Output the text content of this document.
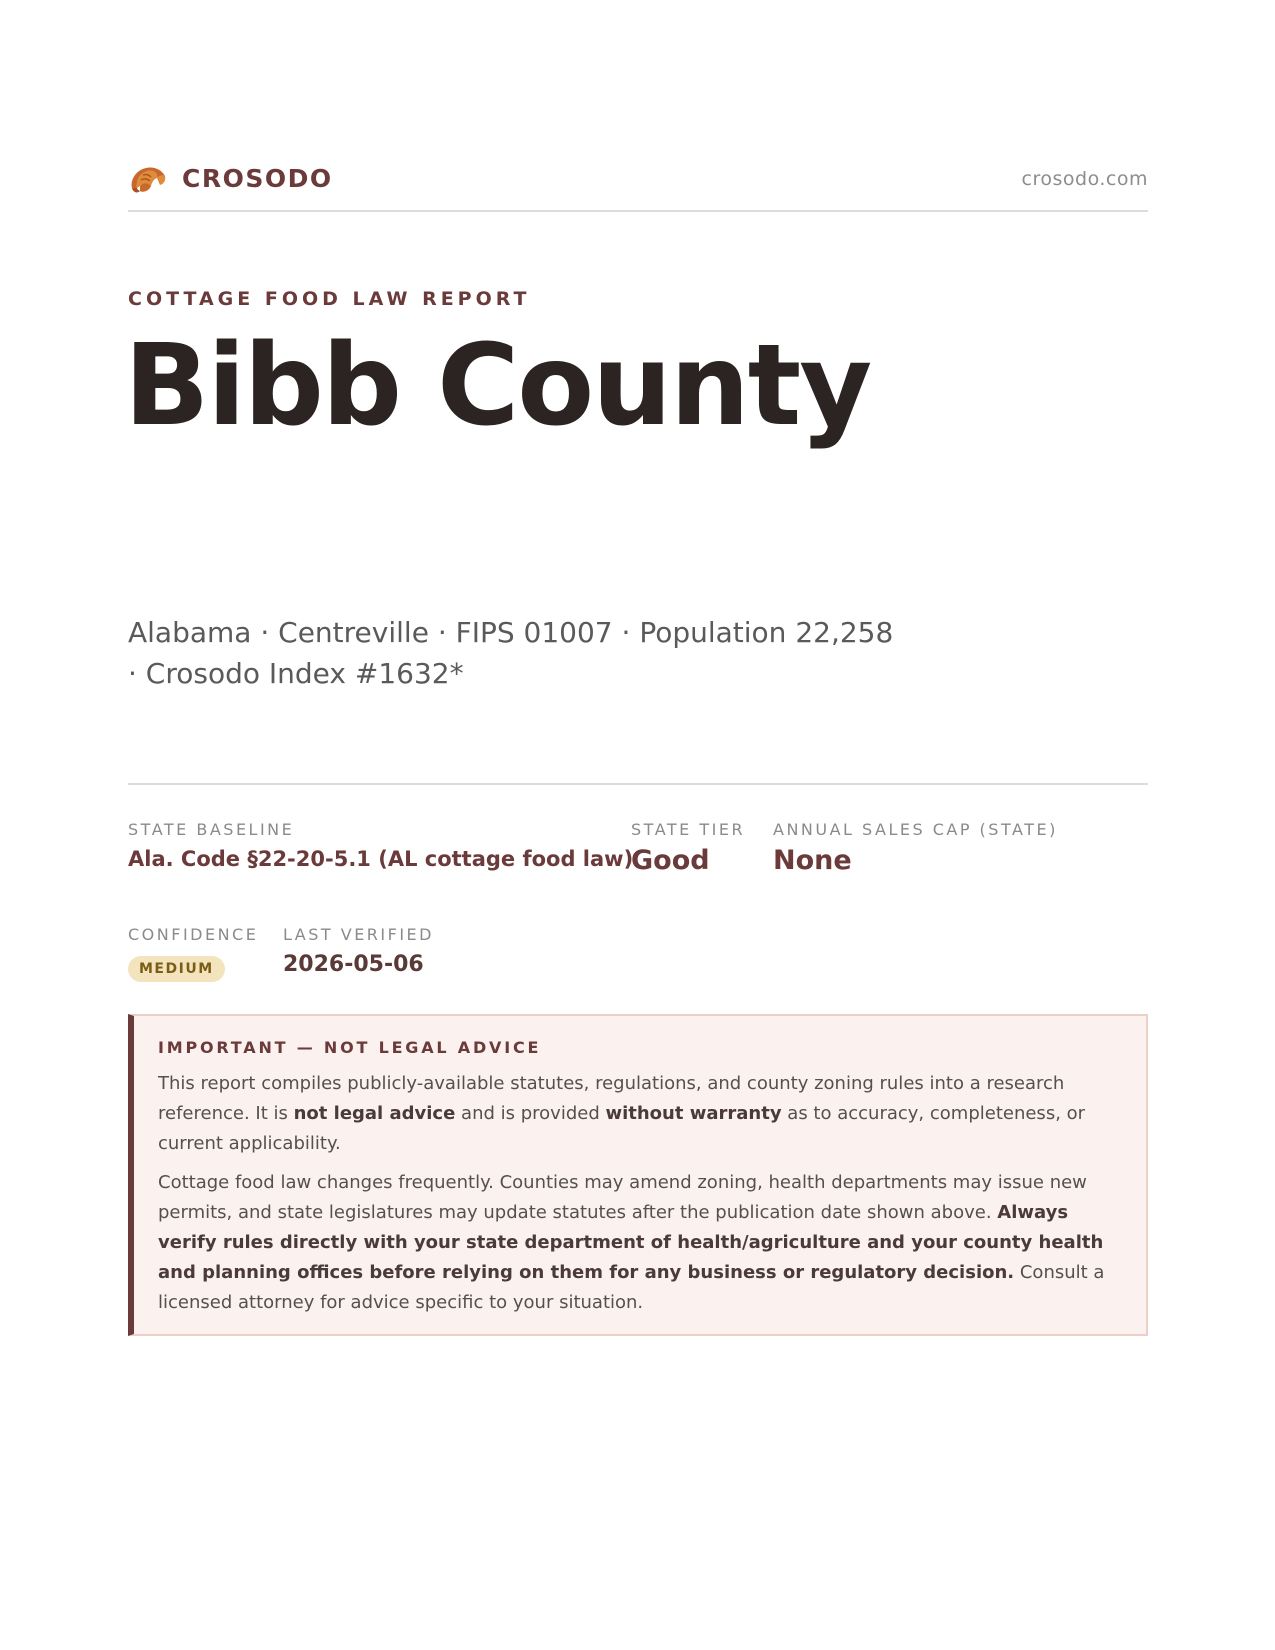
CROSODO	crosodo.com
COTTAGE FOOD LAW REPORT
Bibb County
Alabama · Centreville · FIPS 01007 · Population 22,258 · Crosodo Index #1632*
STATE BASELINE
Ala. Code §22-20-5.1 (AL cottage food law)
STATE TIER
Good
ANNUAL SALES CAP (STATE)
None
CONFIDENCE
MEDIUM
LAST VERIFIED
2026-05-06
IMPORTANT — NOT LEGAL ADVICE

This report compiles publicly-available statutes, regulations, and county zoning rules into a research reference. It is not legal advice and is provided without warranty as to accuracy, completeness, or current applicability.

Cottage food law changes frequently. Counties may amend zoning, health departments may issue new permits, and state legislatures may update statutes after the publication date shown above. Always verify rules directly with your state department of health/agriculture and your county health and planning offices before relying on them for any business or regulatory decision. Consult a licensed attorney for advice specific to your situation.
